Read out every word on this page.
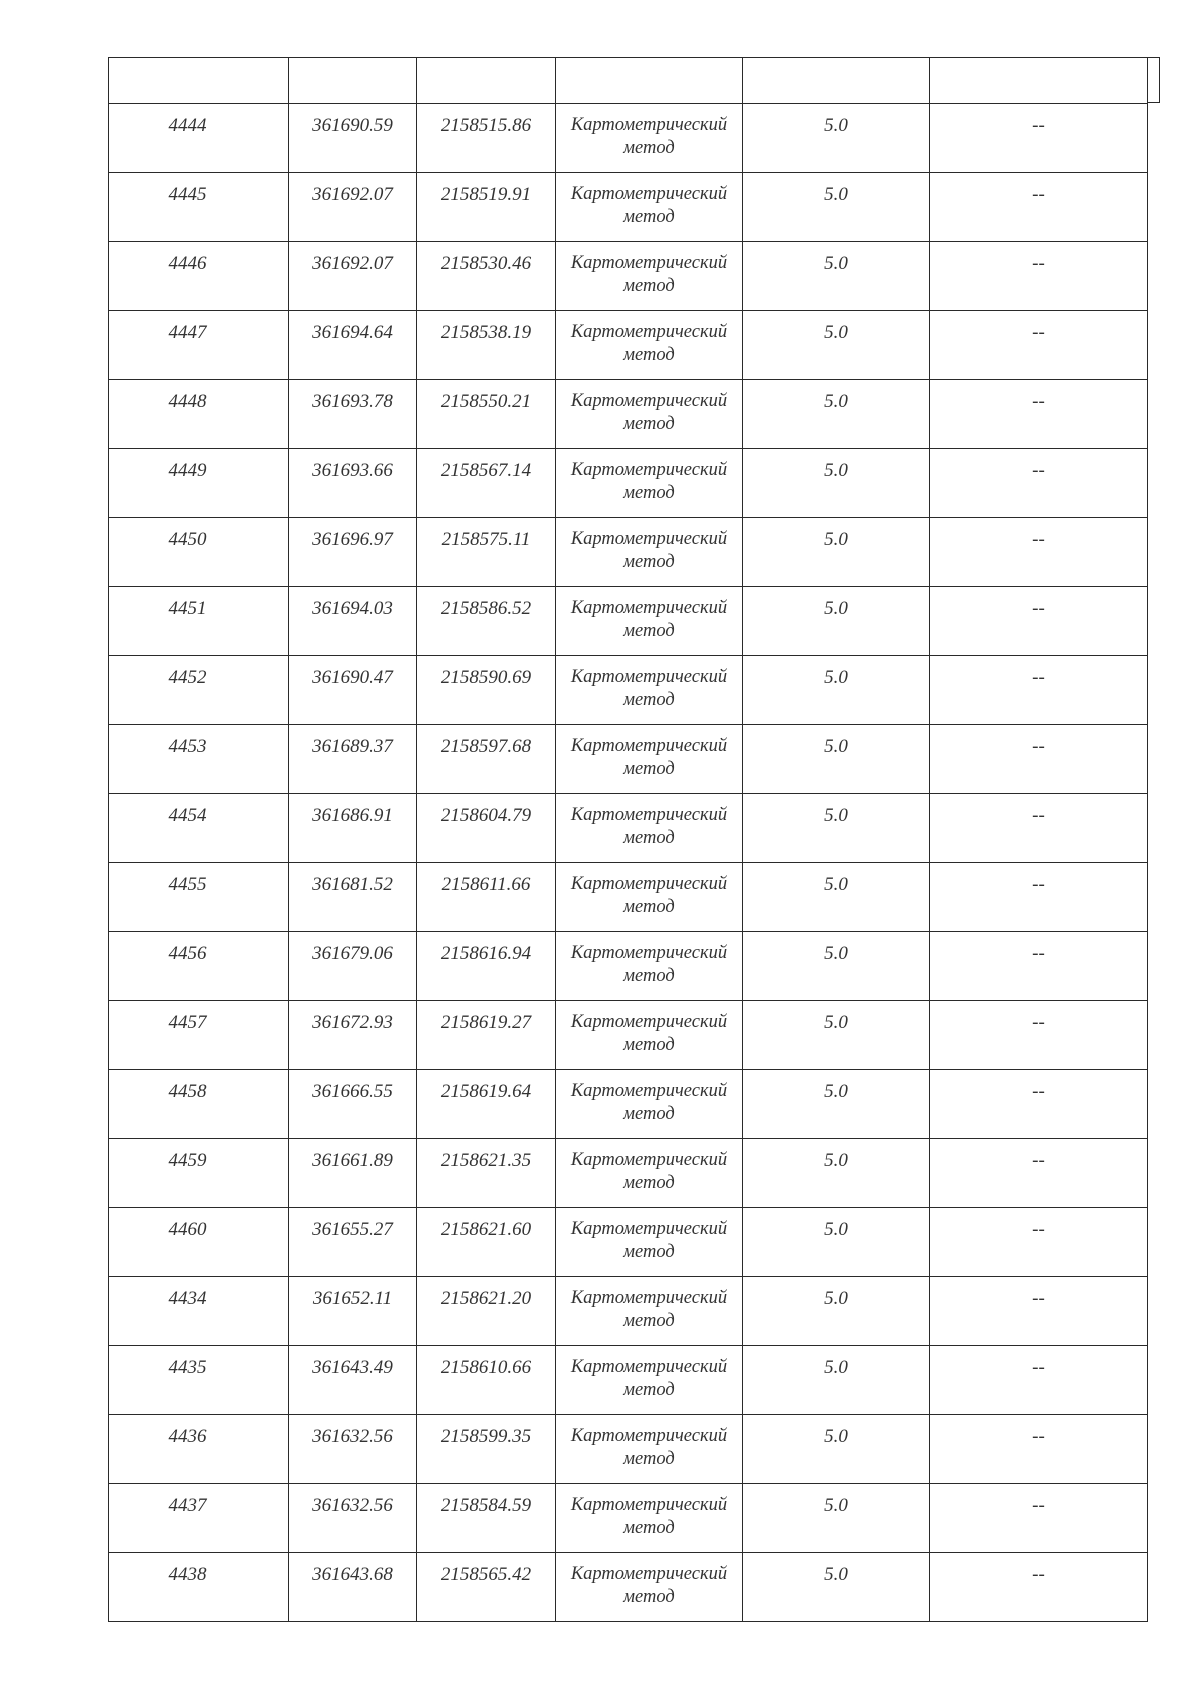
4444	361690.59	2158515.86	Картометрический метод	5.0	--
4445	361692.07	2158519.91	Картометрический метод	5.0	--
4446	361692.07	2158530.46	Картометрический метод	5.0	--
4447	361694.64	2158538.19	Картометрический метод	5.0	--
4448	361693.78	2158550.21	Картометрический метод	5.0	--
4449	361693.66	2158567.14	Картометрический метод	5.0	--
4450	361696.97	2158575.11	Картометрический метод	5.0	--
4451	361694.03	2158586.52	Картометрический метод	5.0	--
4452	361690.47	2158590.69	Картометрический метод	5.0	--
4453	361689.37	2158597.68	Картометрический метод	5.0	--
4454	361686.91	2158604.79	Картометрический метод	5.0	--
4455	361681.52	2158611.66	Картометрический метод	5.0	--
4456	361679.06	2158616.94	Картометрический метод	5.0	--
4457	361672.93	2158619.27	Картометрический метод	5.0	--
4458	361666.55	2158619.64	Картометрический метод	5.0	--
4459	361661.89	2158621.35	Картометрический метод	5.0	--
4460	361655.27	2158621.60	Картометрический метод	5.0	--
4434	361652.11	2158621.20	Картометрический метод	5.0	--
4435	361643.49	2158610.66	Картометрический метод	5.0	--
4436	361632.56	2158599.35	Картометрический метод	5.0	--
4437	361632.56	2158584.59	Картометрический метод	5.0	--
4438	361643.68	2158565.42	Картометрический метод	5.0	--
